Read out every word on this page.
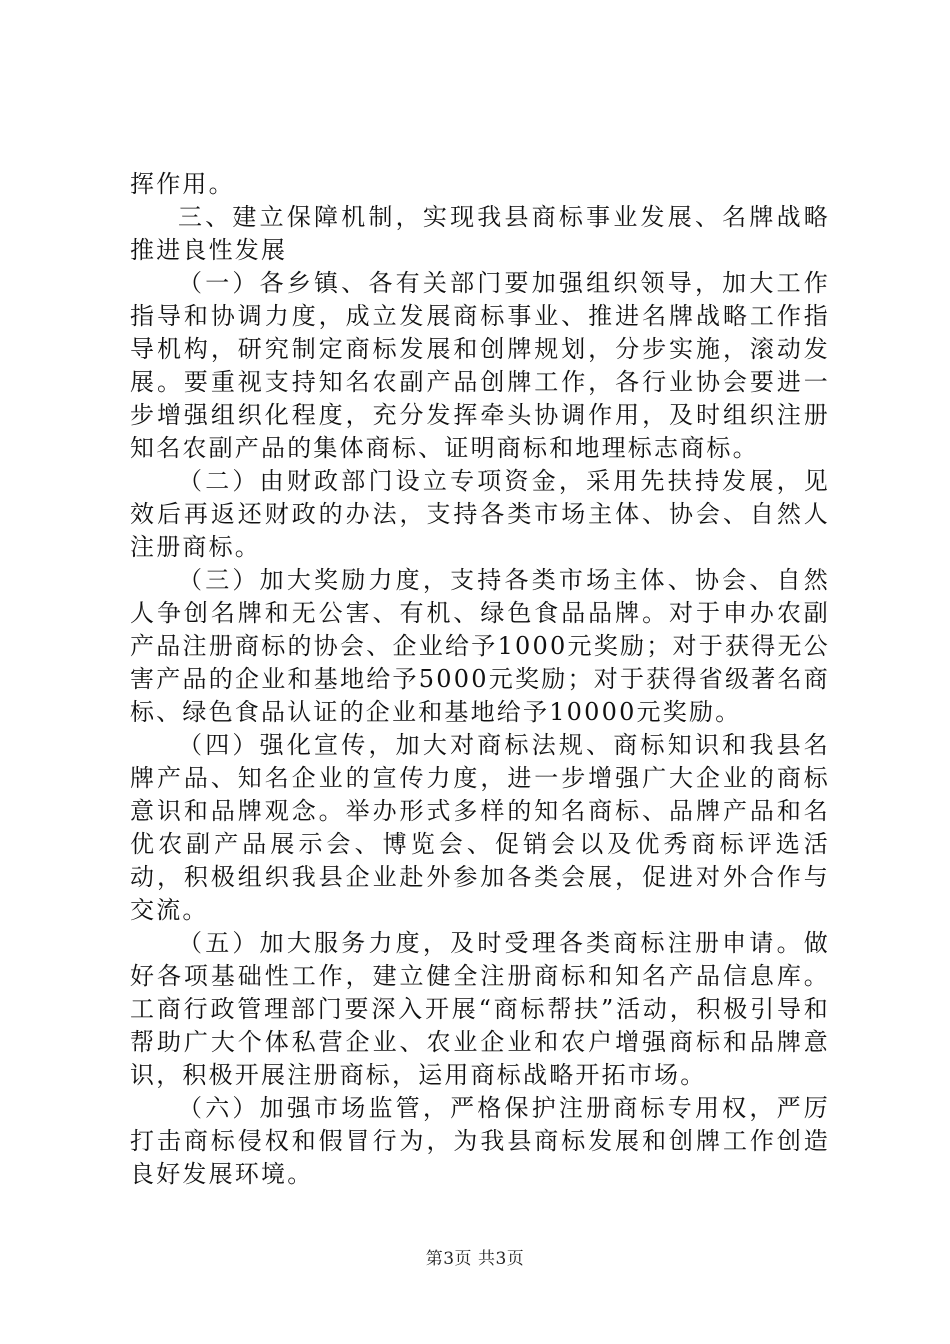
挥作用。

三、建立保障机制，实现我县商标事业发展、名牌战略推进良性发展

（一）各乡镇、各有关部门要加强组织领导，加大工作指导和协调力度，成立发展商标事业、推进名牌战略工作指导机构，研究制定商标发展和创牌规划，分步实施，滚动发展。要重视支持知名农副产品创牌工作，各行业协会要进一步增强组织化程度，充分发挥牵头协调作用，及时组织注册知名农副产品的集体商标、证明商标和地理标志商标。

（二）由财政部门设立专项资金，采用先扶持发展，见效后再返还财政的办法，支持各类市场主体、协会、自然人注册商标。

（三）加大奖励力度，支持各类市场主体、协会、自然人争创名牌和无公害、有机、绿色食品品牌。对于申办农副产品注册商标的协会、企业给予1000元奖励；对于获得无公害产品的企业和基地给予5000元奖励；对于获得省级著名商标、绿色食品认证的企业和基地给予10000元奖励。

（四）强化宣传，加大对商标法规、商标知识和我县名牌产品、知名企业的宣传力度，进一步增强广大企业的商标意识和品牌观念。举办形式多样的知名商标、品牌产品和名优农副产品展示会、博览会、促销会以及优秀商标评选活动，积极组织我县企业赴外参加各类会展，促进对外合作与交流。

（五）加大服务力度，及时受理各类商标注册申请。做好各项基础性工作，建立健全注册商标和知名产品信息库。工商行政管理部门要深入开展“商标帮扶”活动，积极引导和帮助广大个体私营企业、农业企业和农户增强商标和品牌意识，积极开展注册商标，运用商标战略开拓市场。

（六）加强市场监管，严格保护注册商标专用权，严厉打击商标侵权和假冒行为，为我县商标发展和创牌工作创造良好发展环境。

第3页 共3页
